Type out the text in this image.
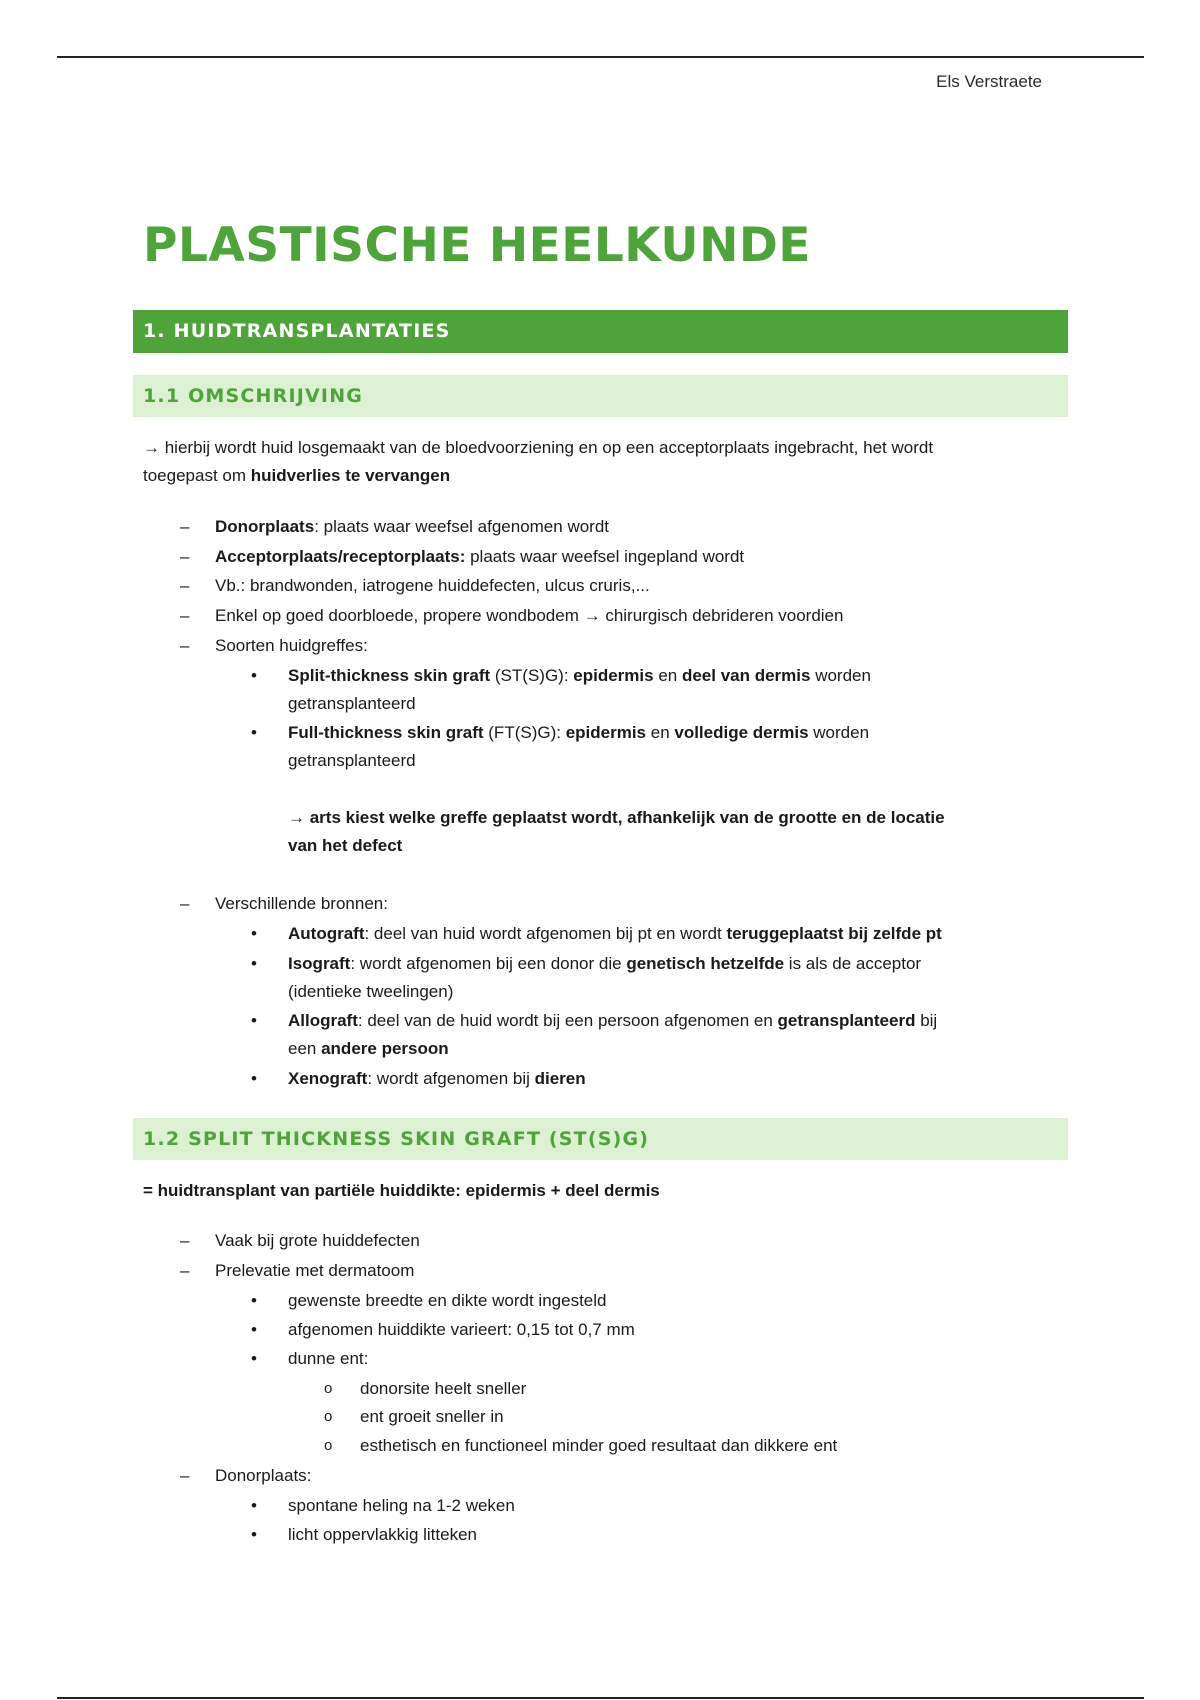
Els Verstraete
PLASTISCHE HEELKUNDE
1. HUIDTRANSPLANTATIES
1.1 OMSCHRIJVING
→ hierbij wordt huid losgemaakt van de bloedvoorziening en op een acceptorplaats ingebracht, het wordt
toegepast om huidverlies te vervangen
– Donorplaats: plaats waar weefsel afgenomen wordt
– Acceptorplaats/receptorplaats: plaats waar weefsel ingepland wordt
– Vb.: brandwonden, iatrogene huiddefecten, ulcus cruris,...
– Enkel op goed doorbloede, propere wondbodem → chirurgisch debrideren voordien
– Soorten huidgreffes:
• Split-thickness skin graft (ST(S)G): epidermis en deel van dermis worden
getransplanteerd
• Full-thickness skin graft (FT(S)G): epidermis en volledige dermis worden
getransplanteerd
→ arts kiest welke greffe geplaatst wordt, afhankelijk van de grootte en de locatie
van het defect
– Verschillende bronnen:
• Autograft: deel van huid wordt afgenomen bij pt en wordt teruggeplaatst bij zelfde pt
• Isograft: wordt afgenomen bij een donor die genetisch hetzelfde is als de acceptor
(identieke tweelingen)
• Allograft: deel van de huid wordt bij een persoon afgenomen en getransplanteerd bij
een andere persoon
• Xenograft: wordt afgenomen bij dieren
1.2 SPLIT THICKNESS SKIN GRAFT (ST(S)G)
= huidtransplant van partiële huiddikte: epidermis + deel dermis
– Vaak bij grote huiddefecten
– Prelevatie met dermatoom
• gewenste breedte en dikte wordt ingesteld
• afgenomen huiddikte varieert: 0,15 tot 0,7 mm
• dunne ent:
o donorsite heelt sneller
o ent groeit sneller in
o esthetisch en functioneel minder goed resultaat dan dikkere ent
– Donorplaats:
• spontane heling na 1-2 weken
• licht oppervlakkig litteken
